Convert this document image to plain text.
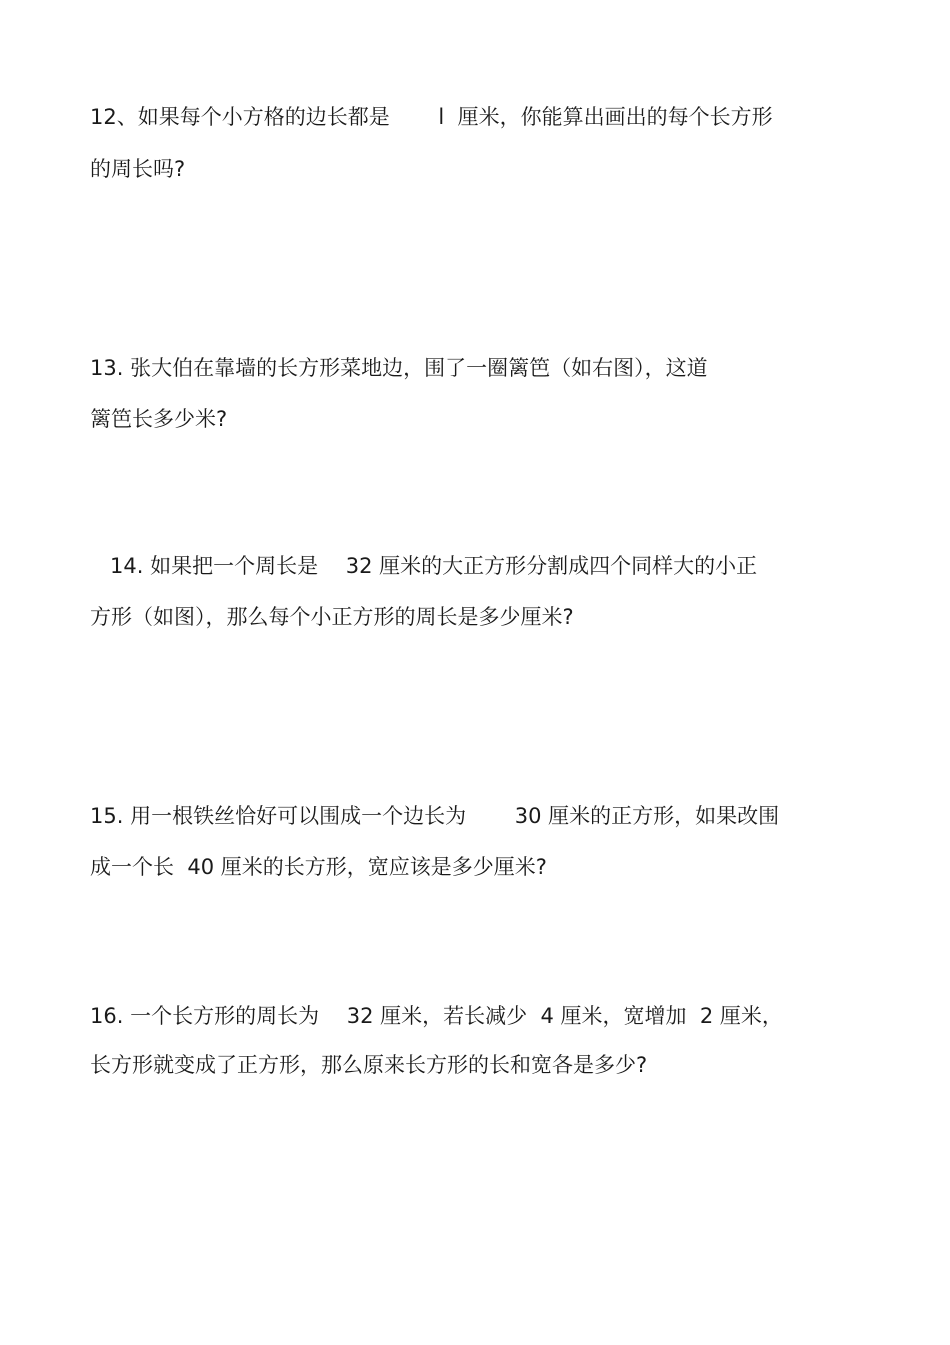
12、如果每个小方格的边长都是　　 l  厘米，你能算出画出的每个长方形

的周长吗?

13. 张大伯在靠墙的长方形菜地边，围了一圈篱笆（如右图），这道

篱笆长多少米?

14. 如果把一个周长是　 32 厘米的大正方形分割成四个同样大的小正

方形（如图），那么每个小正方形的周长是多少厘米?

15. 用一根铁丝恰好可以围成一个边长为　　 30 厘米的正方形，如果改围

成一个长  40 厘米的长方形，宽应该是多少厘米?

16. 一个长方形的周长为　 32 厘米，若长减少  4 厘米，宽增加  2 厘米，

长方形就变成了正方形，那么原来长方形的长和宽各是多少?
